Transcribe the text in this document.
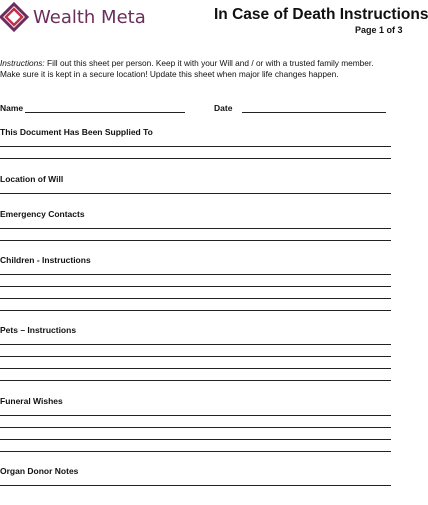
Wealth Meta	In Case of Death Instructions
Page 1 of 3
Instructions: Fill out this sheet per person. Keep it with your Will and / or with a trusted family member.
Make sure it is kept in a secure location! Update this sheet when major life changes happen.
Name	Date
This Document Has Been Supplied To
Location of Will
Emergency Contacts
Children - Instructions
Pets – Instructions
Funeral Wishes
Organ Donor Notes
